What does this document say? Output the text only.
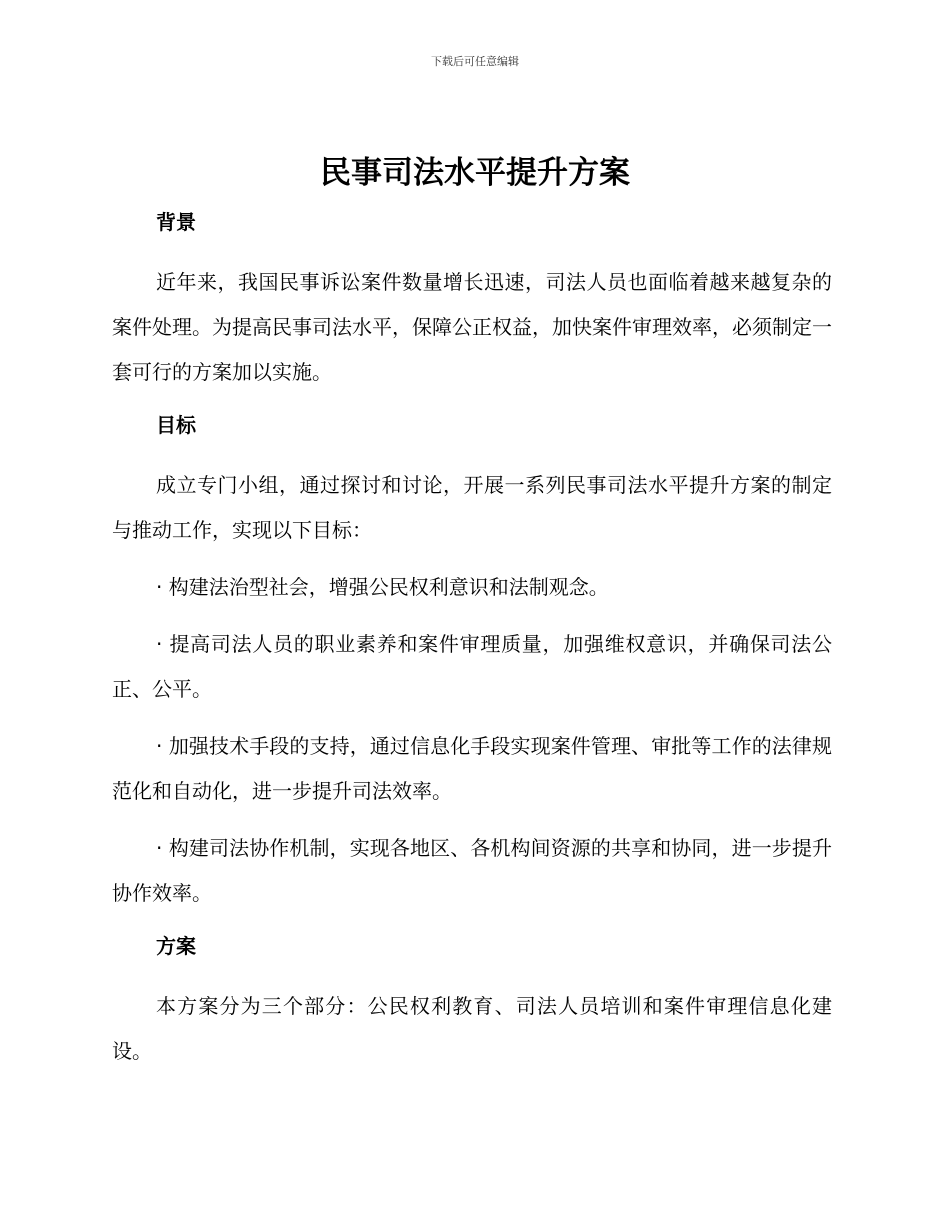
下载后可任意编辑
民事司法水平提升方案
背景

近年来，我国民事诉讼案件数量增长迅速，司法人员也面临着越来越复杂的案件处理。为提高民事司法水平，保障公正权益，加快案件审理效率，必须制定一套可行的方案加以实施。

目标

成立专门小组，通过探讨和讨论，开展一系列民事司法水平提升方案的制定与推动工作，实现以下目标：

· 构建法治型社会，增强公民权利意识和法制观念。

· 提高司法人员的职业素养和案件审理质量，加强维权意识，并确保司法公正、公平。

· 加强技术手段的支持，通过信息化手段实现案件管理、审批等工作的法律规范化和自动化，进一步提升司法效率。

· 构建司法协作机制，实现各地区、各机构间资源的共享和协同，进一步提升协作效率。

方案

本方案分为三个部分：公民权利教育、司法人员培训和案件审理信息化建设。
